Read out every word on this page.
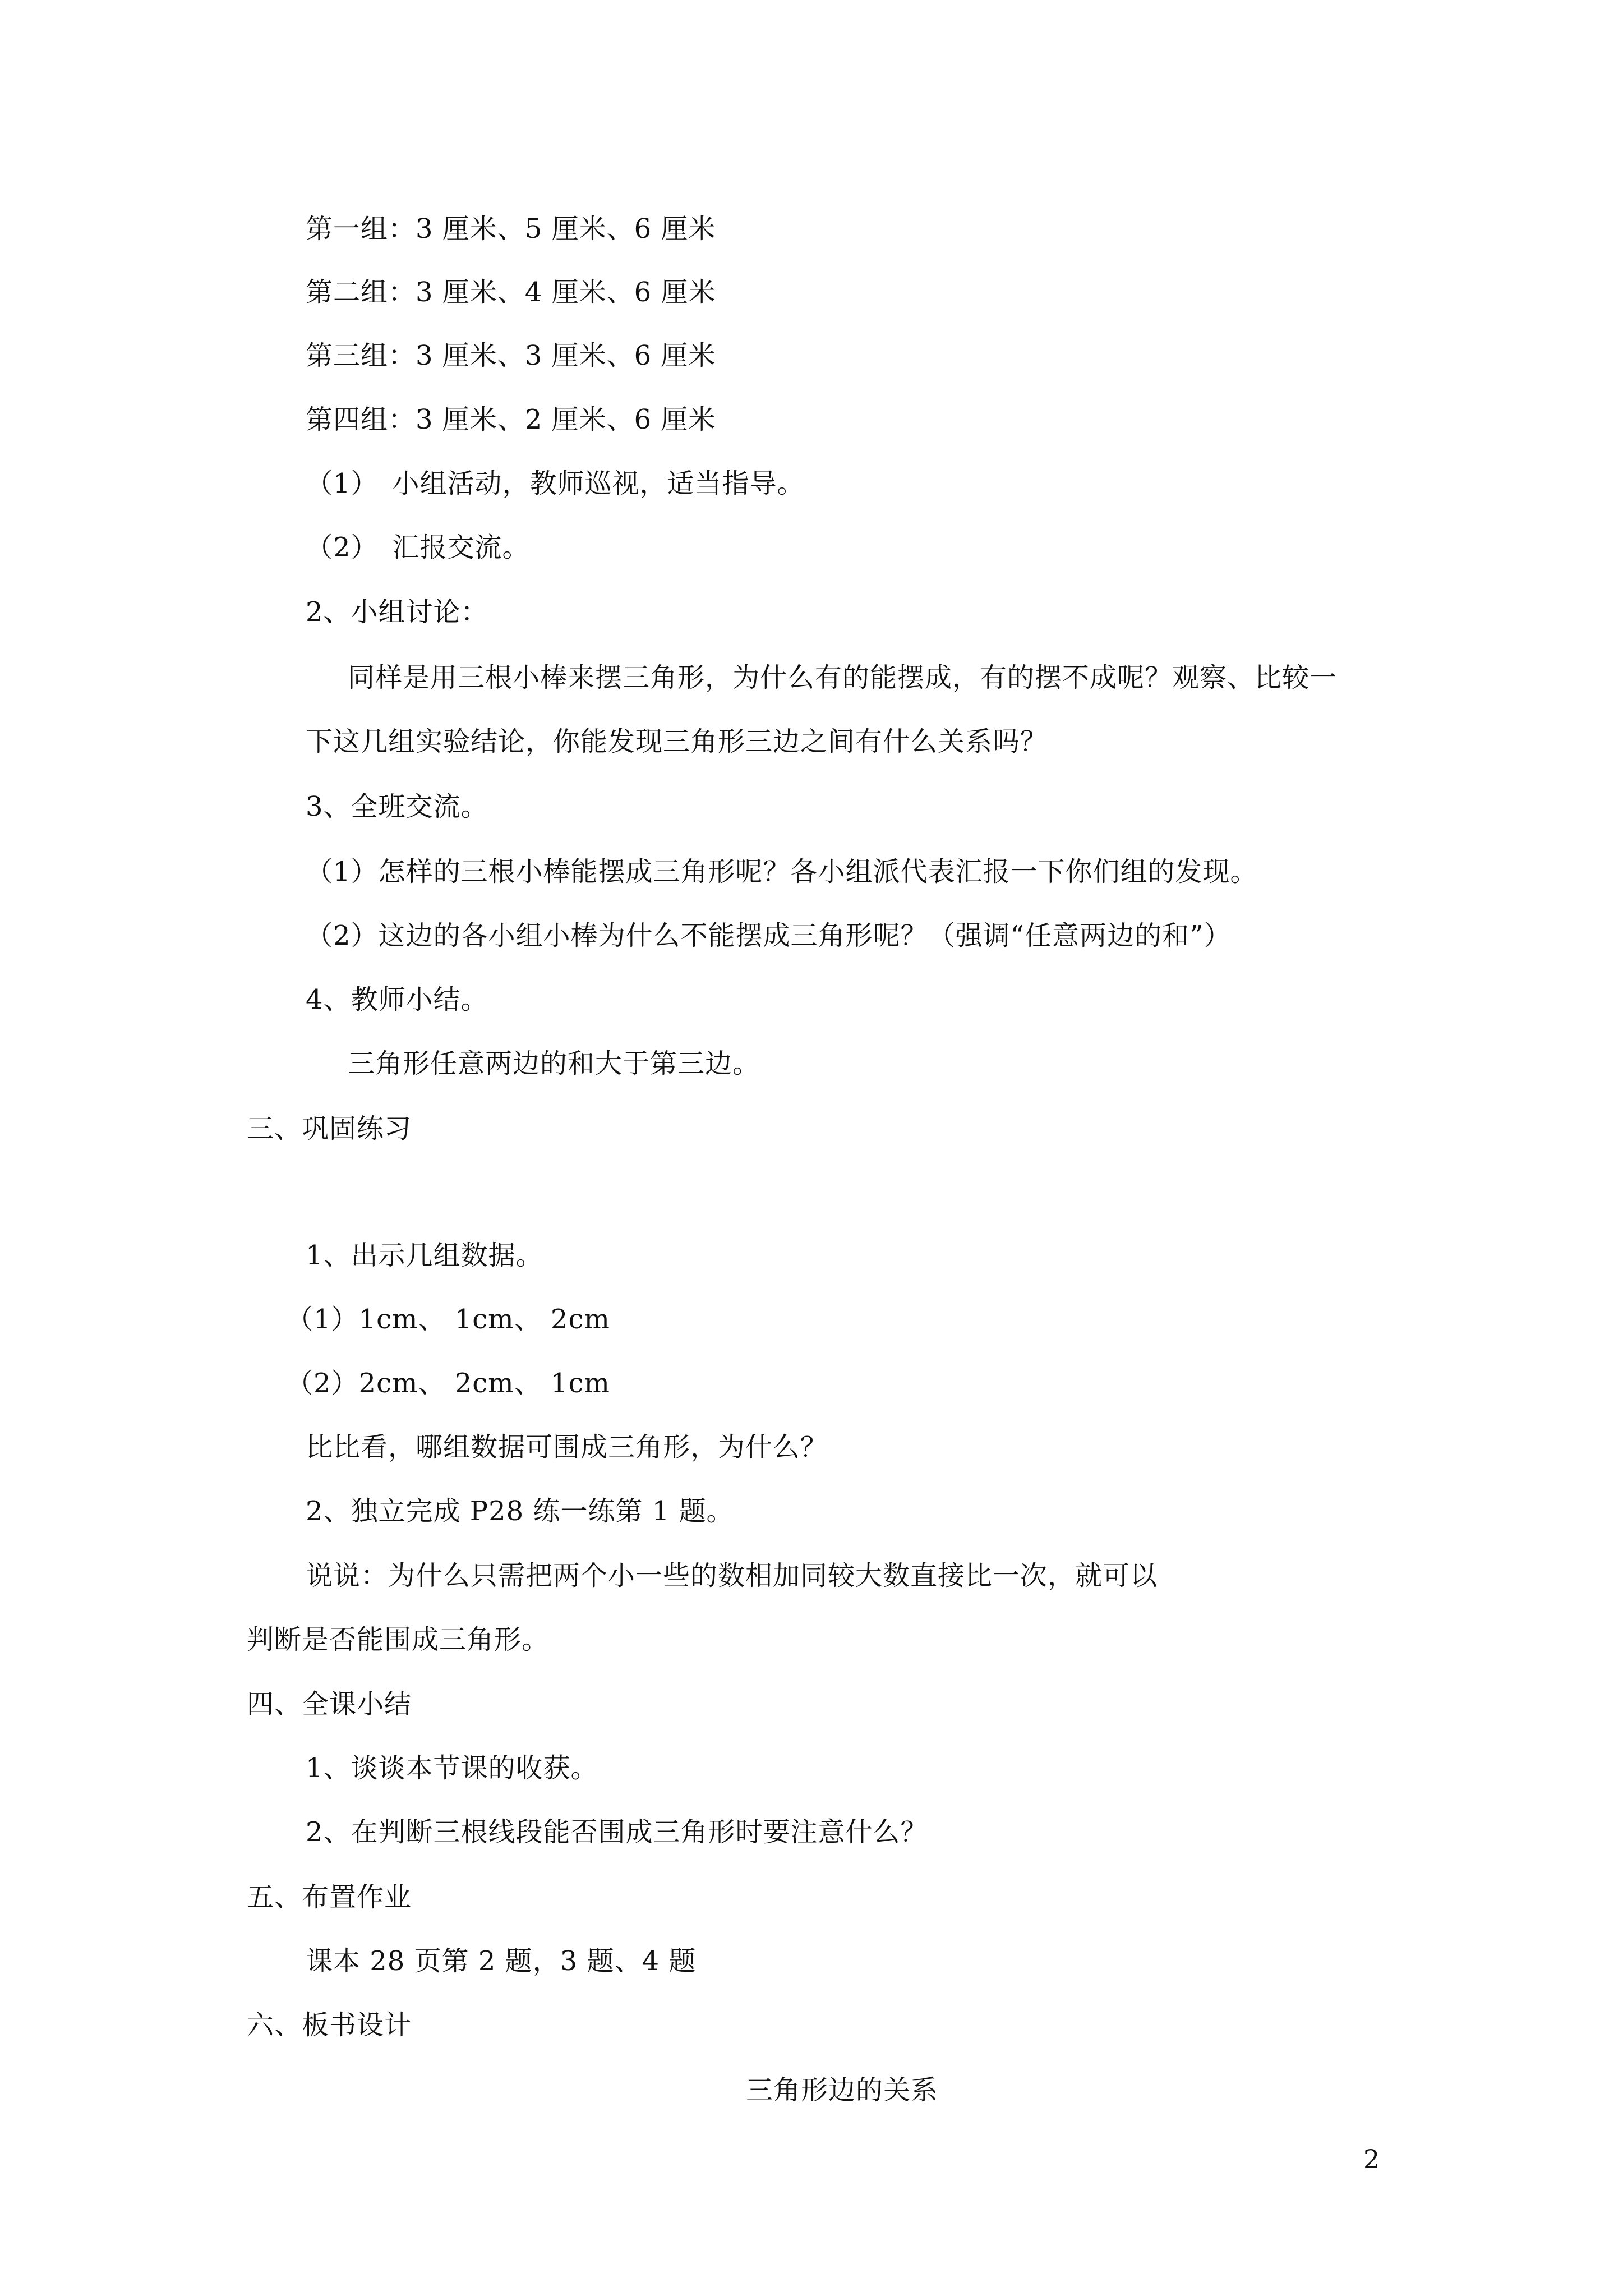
第一组：3 厘米、5 厘米、6 厘米
第二组：3 厘米、4 厘米、6 厘米
第三组：3 厘米、3 厘米、6 厘米
第四组：3 厘米、2 厘米、6 厘米
（1）　小组活动，教师巡视，适当指导。
（2）　汇报交流。
2、小组讨论：
同样是用三根小棒来摆三角形，为什么有的能摆成，有的摆不成呢？观察、比较一
下这几组实验结论，你能发现三角形三边之间有什么关系吗？
3、全班交流。
（1）怎样的三根小棒能摆成三角形呢？各小组派代表汇报一下你们组的发现。
（2）这边的各小组小棒为什么不能摆成三角形呢？（强调“任意两边的和”）
4、教师小结。
三角形任意两边的和大于第三边。
三、巩固练习
1、出示几组数据。
（1）1cm、 1cm、 2cm
（2）2cm、 2cm、 1cm
比比看，哪组数据可围成三角形，为什么？
2、独立完成 P28 练一练第 1 题。
说说：为什么只需把两个小一些的数相加同较大数直接比一次，就可以
判断是否能围成三角形。
四、全课小结
1、谈谈本节课的收获。
2、在判断三根线段能否围成三角形时要注意什么？
五、布置作业
课本 28 页第 2 题，3 题、4 题
六、板书设计
三角形边的关系
2
